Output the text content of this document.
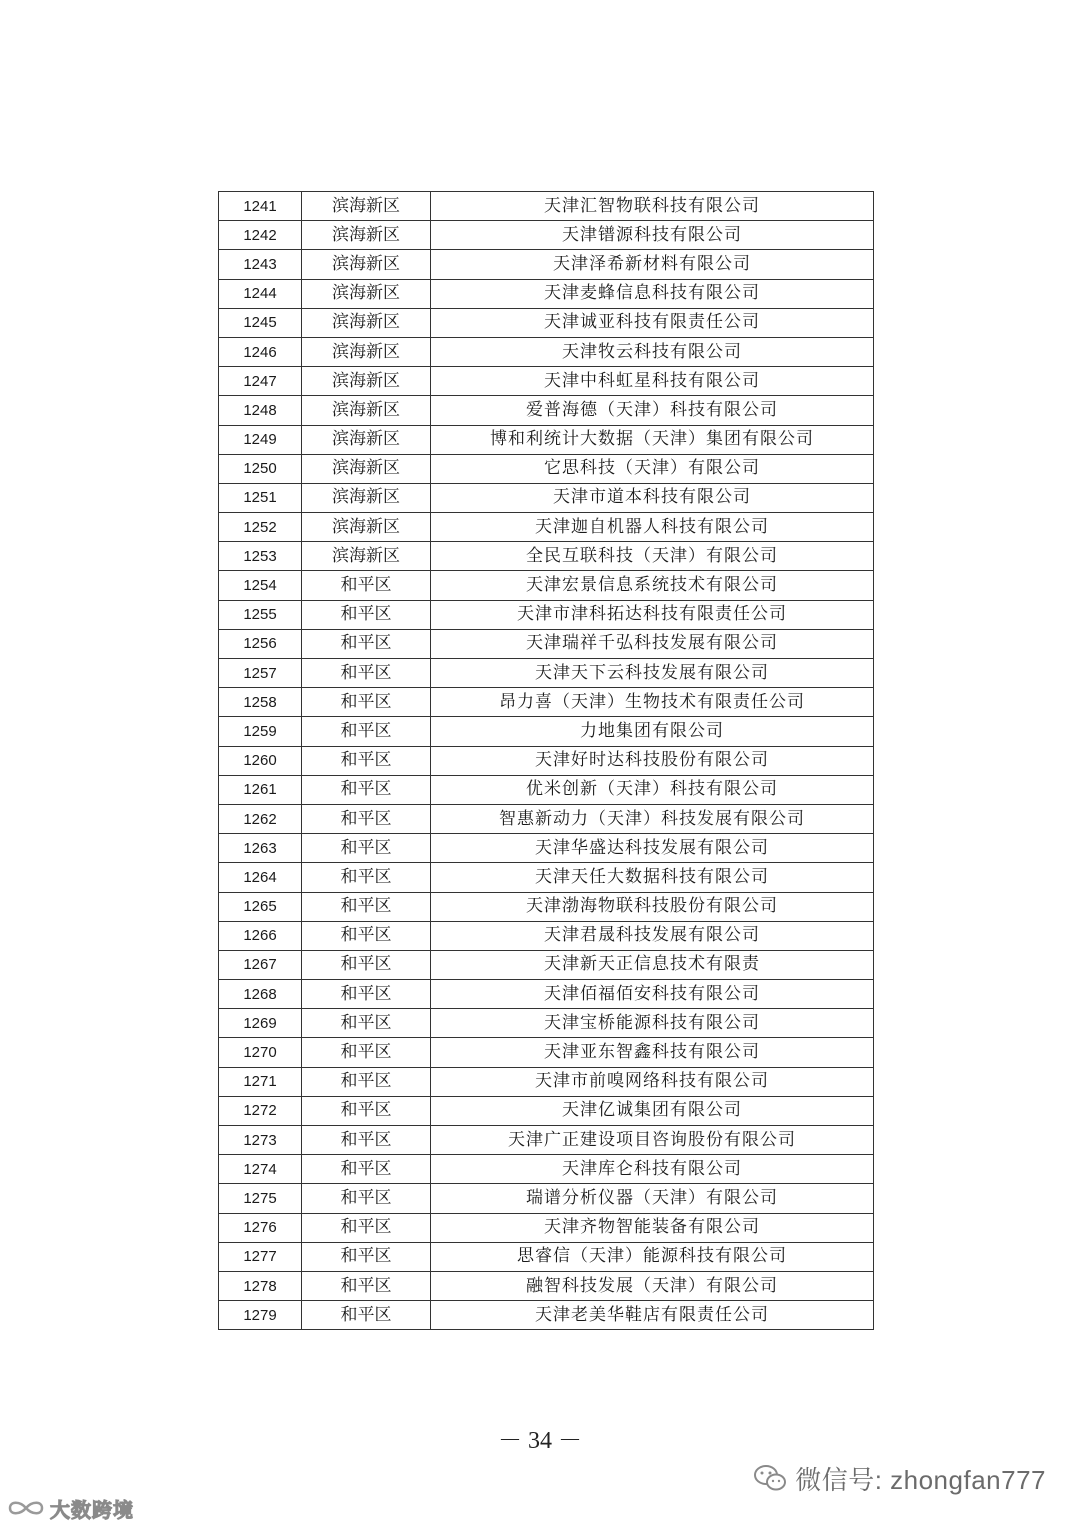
1241	滨海新区	天津汇智物联科技有限公司
1242	滨海新区	天津镨源科技有限公司
1243	滨海新区	天津泽希新材料有限公司
1244	滨海新区	天津麦蜂信息科技有限公司
1245	滨海新区	天津诚亚科技有限责任公司
1246	滨海新区	天津牧云科技有限公司
1247	滨海新区	天津中科虹星科技有限公司
1248	滨海新区	爱普海德（天津）科技有限公司
1249	滨海新区	博和利统计大数据（天津）集团有限公司
1250	滨海新区	它思科技（天津）有限公司
1251	滨海新区	天津市道本科技有限公司
1252	滨海新区	天津迦自机器人科技有限公司
1253	滨海新区	全民互联科技（天津）有限公司
1254	和平区	天津宏景信息系统技术有限公司
1255	和平区	天津市津科拓达科技有限责任公司
1256	和平区	天津瑞祥千弘科技发展有限公司
1257	和平区	天津天下云科技发展有限公司
1258	和平区	昂力喜（天津）生物技术有限责任公司
1259	和平区	力地集团有限公司
1260	和平区	天津好时达科技股份有限公司
1261	和平区	优米创新（天津）科技有限公司
1262	和平区	智惠新动力（天津）科技发展有限公司
1263	和平区	天津华盛达科技发展有限公司
1264	和平区	天津天任大数据科技有限公司
1265	和平区	天津渤海物联科技股份有限公司
1266	和平区	天津君晟科技发展有限公司
1267	和平区	天津新天正信息技术有限责
1268	和平区	天津佰福佰安科技有限公司
1269	和平区	天津宝桥能源科技有限公司
1270	和平区	天津亚东智鑫科技有限公司
1271	和平区	天津市前嗅网络科技有限公司
1272	和平区	天津亿诚集团有限公司
1273	和平区	天津广正建设项目咨询股份有限公司
1274	和平区	天津库仑科技有限公司
1275	和平区	瑞谱分析仪器（天津）有限公司
1276	和平区	天津齐物智能装备有限公司
1277	和平区	思睿信（天津）能源科技有限公司
1278	和平区	融智科技发展（天津）有限公司
1279	和平区	天津老美华鞋店有限责任公司
－ 34 －
微信号: zhongfan777
大数跨境
